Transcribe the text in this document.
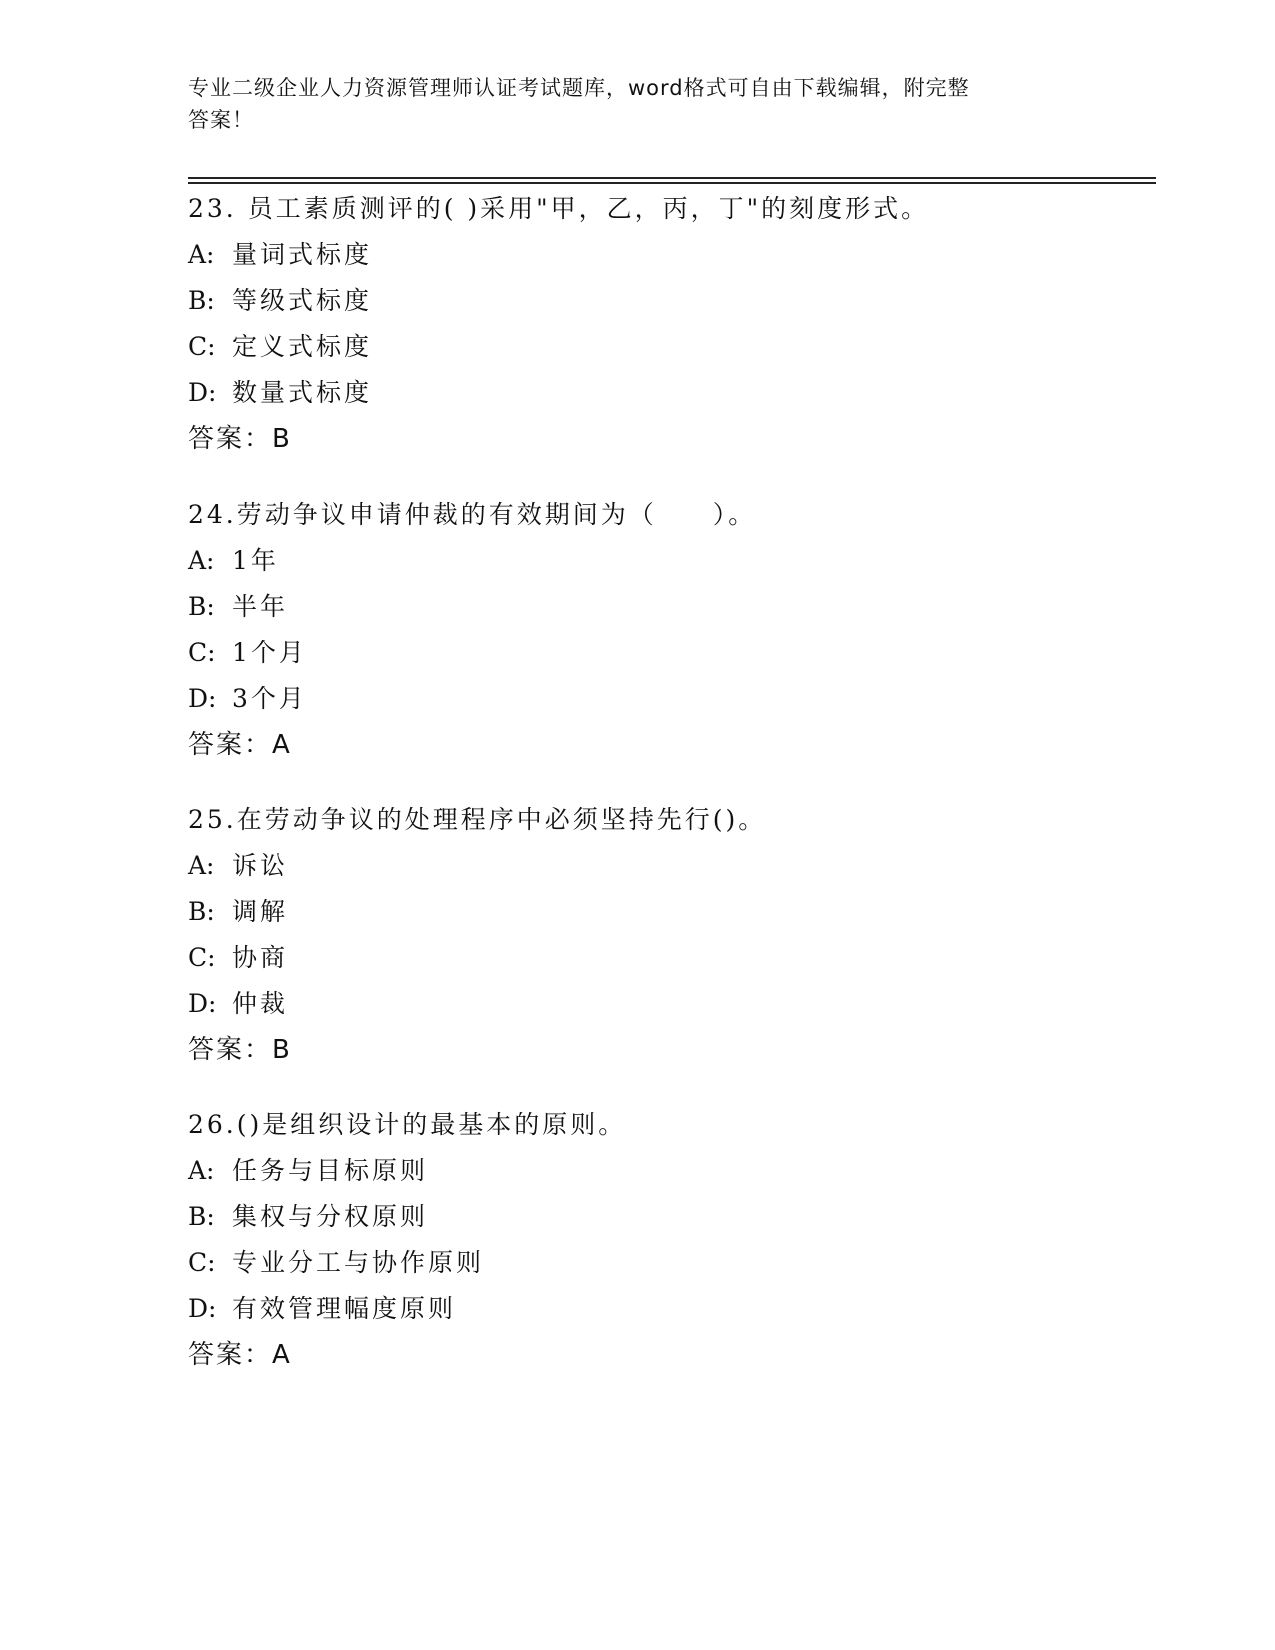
专业二级企业人力资源管理师认证考试题库，word格式可自由下载编辑，附完整
答案！
23. 员工素质测评的( )采用"甲，乙，丙，丁"的刻度形式。
A: 量词式标度
B: 等级式标度
C: 定义式标度
D: 数量式标度
答案：B
24.劳动争议申请仲裁的有效期间为（　　）。
A: 1年
B: 半年
C: 1个月
D: 3个月
答案：A
25.在劳动争议的处理程序中必须坚持先行()。
A: 诉讼
B: 调解
C: 协商
D: 仲裁
答案：B
26.()是组织设计的最基本的原则。
A: 任务与目标原则
B: 集权与分权原则
C: 专业分工与协作原则
D: 有效管理幅度原则
答案：A
